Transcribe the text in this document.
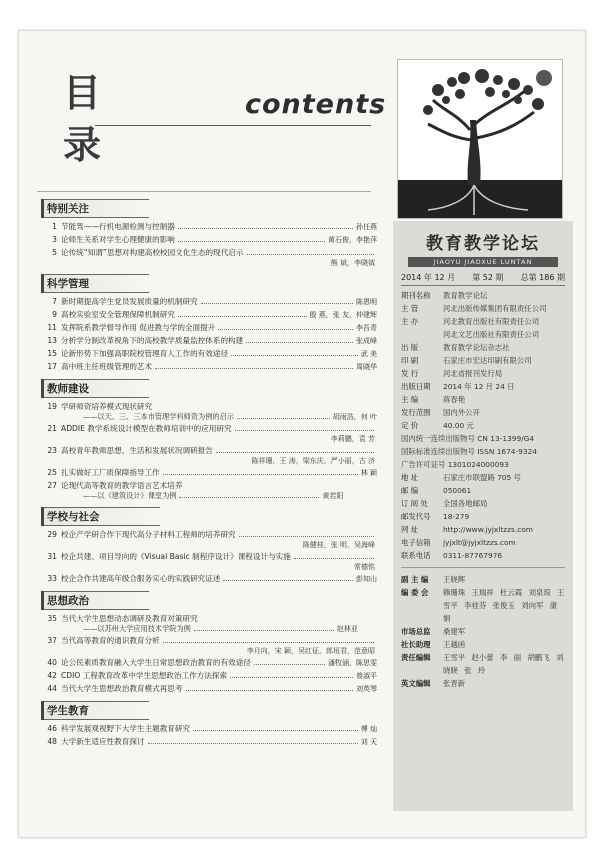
目
录
contents
特别关注
1 节能驾——行机电源检测与控制器	孙任燕
3 论师生关系对学生心理健康的影响	黄石俊，李艳萍
5 论传统“知谓”思想对构建高校校园文化生态的现代启示
熊 斌，李晓钺
科学管理
7 新时期提高学生党员发展质量的机制研究	陈恩明
9 高校实验室安全管理保障机制研究	殷 燕，张 友，仲建辉
11 发挥院系教学督导作用 促进教与学的全面提升	李吾青
13 分析学分制改革视角下的高校教学质量监控体系的构建	张成峰
15 论新形势下加强高职院校管理育人工作的有效途径	武 美
17 高中班主任班级管理的艺术	周晓华
教师建设
19 学研师资培养模式现状研究
——以天、三、三本市管理学科师资为例的启示	胡雨浩，何 叶
21 ADDIE 教学系统设计模型在教师培训中的应用研究
李莉鹏，袁 芳
23 高校青年教师思想、生活和发展状况调研报告
陈祥珊，王 涛，梁东庆，严小丽，古 济
25 扎实做好工厂质保障指导工作	林 颖
27 论现代高等教育的教学语言艺术培养
——以《建筑设计》课堂为例	黄若阳
学校与社会
29 校企产学研合作下现代高分子材料工程师的培养研究
陈健桂，张 明，吴海峰
31 校企共建、项目导向的《Visual Basic 制程序设计》课程设计与实施
常德铭
33 校企合作共建高年级合服务实心的实践研究证述	彭知山
思想政治
35 当代大学生思想动态调研及教育对策研究
——以苏州大学应用技术学院为例	赵林亚
37 当代高等教育的通识教育分析
李月向，宋 颖，吴红征，郎垣君，范意昭
40 论公民素质教育融入大学生日常思想政治教育的有效途径	潘牧涵，陈思雯
42 CDIO 工程教育改革中学生思想政治工作方法探索	曾淑平
44 当代大学生思想政治教育模式再思考	刘英琴
学生教育
46 科学发展观视野下大学生主题教育研究	傅 灿
48 大学新生适应性教育探讨	刘 天
教育教学论坛
JIAOYU JIAOXUE LUNTAN
2014 年 12 月 第 52 期 总第 186 期
期刊名称	教育教学论坛
主 管	河北出版传媒集团有限责任公司
主 办	河北教育出版社有限责任公司
河北文艺出版社有限责任公司
出 版	教育教学论坛杂志社
印 刷	石家庄市宏达印刷有限公司
发 行	河北省报刊发行局
出版日期	2014 年 12 月 24 日
主 编	蒋春艳
发行范围	国内外公开
定 价	40.00 元
国内统一连续出版物号 CN 13-1399/G4
国际标准连续出版物号 ISSN 1674-9324
广告许可证号 1301024000093
地 址	石家庄市联盟路 705 号
邮 编	050061
订 阅 处	全国各地邮局
邮发代号	18-279
网 址	http://www.jyjxltzzs.com
电子信箱	jyjxlt@jyjxltzzs.com
联系电话	0311-87767976
副 主 编	王晓辉
编 委 会	赖珊珠 王瑞祥 杜云霞 刘泉琼 王雪平 李桂芬 张俊玉 刘向军 康 娟
市场总监	桑建军
社长助理	王越函
责任编辑	王雪平 赵小蕾 李 丽 胡鹏飞 刘晓晓 张 玲
英文编辑	张晋新
